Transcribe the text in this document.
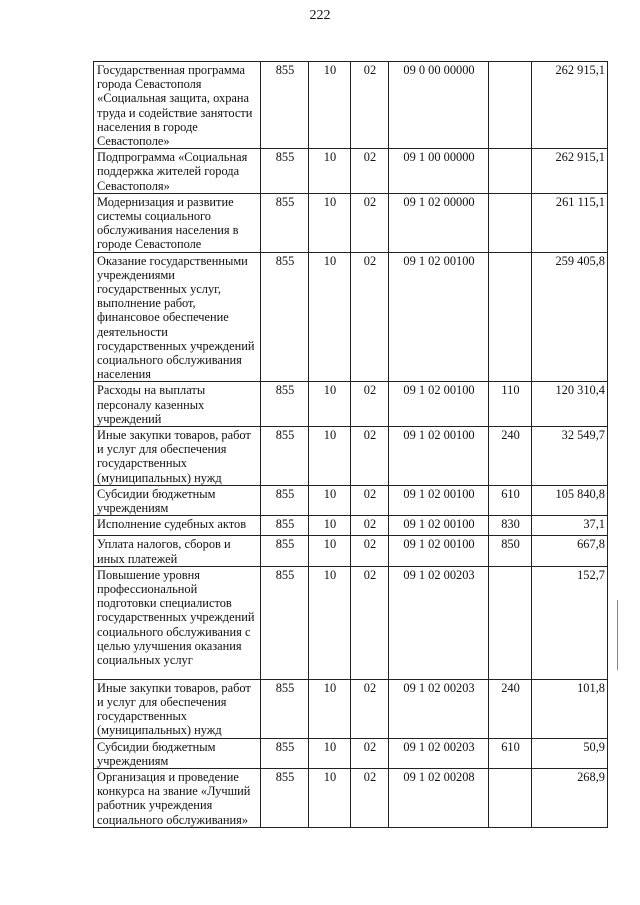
222
Государственная программа города Севастополя «Социальная защита, охрана труда и содействие занятости населения в городе Севастополе»	855	10	02	09 0 00 00000		262 915,1
Подпрограмма «Социальная поддержка жителей города Севастополя»	855	10	02	09 1 00 00000		262 915,1
Модернизация и развитие системы социального обслуживания населения в городе Севастополе	855	10	02	09 1 02 00000		261 115,1
Оказание государственными учреждениями государственных услуг, выполнение работ, финансовое обеспечение деятельности государственных учреждений социального обслуживания населения	855	10	02	09 1 02 00100		259 405,8
Расходы на выплаты персоналу казенных учреждений	855	10	02	09 1 02 00100	110	120 310,4
Иные закупки товаров, работ и услуг для обеспечения государственных (муниципальных) нужд	855	10	02	09 1 02 00100	240	32 549,7
Субсидии бюджетным учреждениям	855	10	02	09 1 02 00100	610	105 840,8
Исполнение судебных актов	855	10	02	09 1 02 00100	830	37,1
Уплата налогов, сборов и иных платежей	855	10	02	09 1 02 00100	850	667,8
Повышение уровня профессиональной подготовки специалистов государственных учреждений социального обслуживания с целью улучшения оказания социальных услуг	855	10	02	09 1 02 00203		152,7
Иные закупки товаров, работ и услуг для обеспечения государственных (муниципальных) нужд	855	10	02	09 1 02 00203	240	101,8
Субсидии бюджетным учреждениям	855	10	02	09 1 02 00203	610	50,9
Организация и проведение конкурса на звание «Лучший работник учреждения социального обслуживания»	855	10	02	09 1 02 00208		268,9
